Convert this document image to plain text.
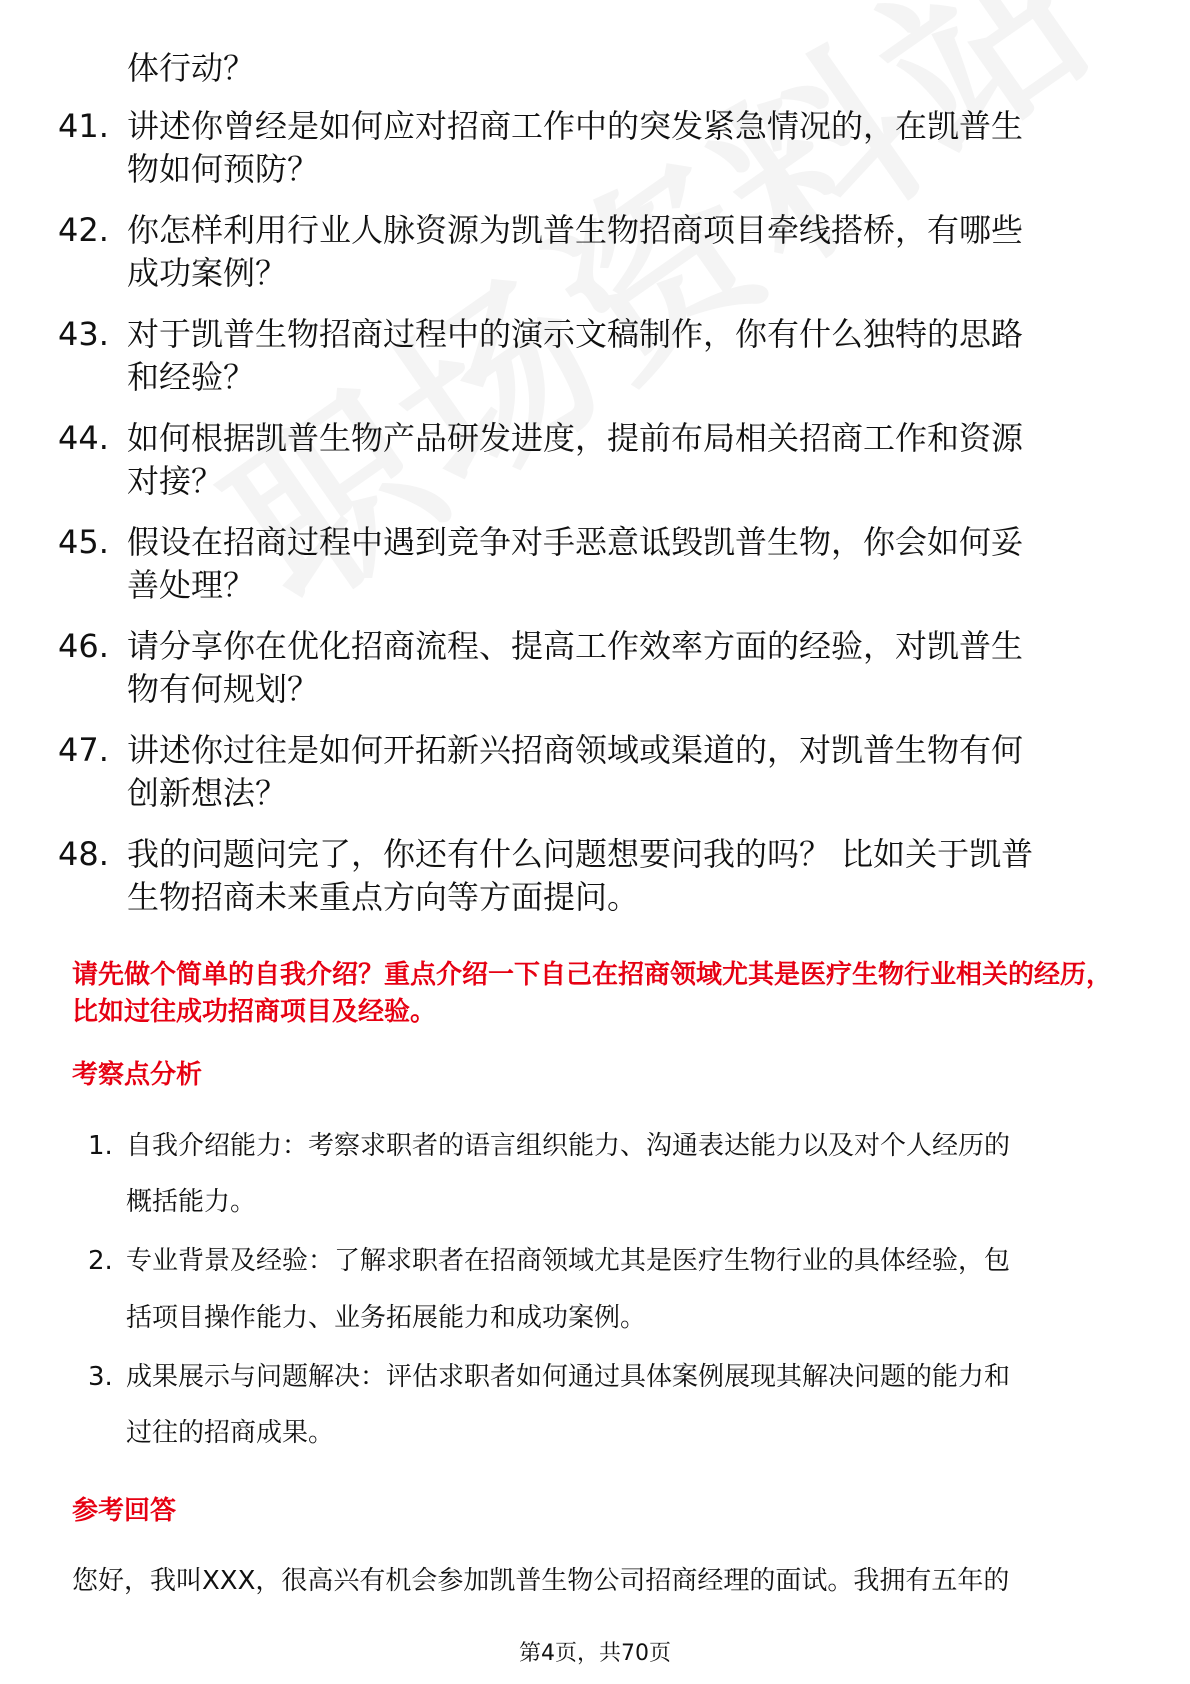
体行动？
41. 讲述你曾经是如何应对招商工作中的突发紧急情况的，在凯普生
物如何预防？
42. 你怎样利用行业人脉资源为凯普生物招商项目牵线搭桥，有哪些
成功案例？
43. 对于凯普生物招商过程中的演示文稿制作，你有什么独特的思路
和经验？
44. 如何根据凯普生物产品研发进度，提前布局相关招商工作和资源
对接？
45. 假设在招商过程中遇到竞争对手恶意诋毁凯普生物，你会如何妥
善处理？
46. 请分享你在优化招商流程、提高工作效率方面的经验，对凯普生
物有何规划？
47. 讲述你过往是如何开拓新兴招商领域或渠道的，对凯普生物有何
创新想法？
48. 我的问题问完了，你还有什么问题想要问我的吗？ 比如关于凯普
生物招商未来重点方向等方面提问。
请先做个简单的自我介绍？重点介绍一下自己在招商领域尤其是医疗生物行业相关的经历，比如过往成功招商项目及经验。
考察点分析
1. 自我介绍能力：考察求职者的语言组织能力、沟通表达能力以及对个人经历的
概括能力。
2. 专业背景及经验：了解求职者在招商领域尤其是医疗生物行业的具体经验，包
括项目操作能力、业务拓展能力和成功案例。
3. 成果展示与问题解决：评估求职者如何通过具体案例展现其解决问题的能力和
过往的招商成果。
参考回答
您好，我叫XXX，很高兴有机会参加凯普生物公司招商经理的面试。我拥有五年的
第4页，共70页
